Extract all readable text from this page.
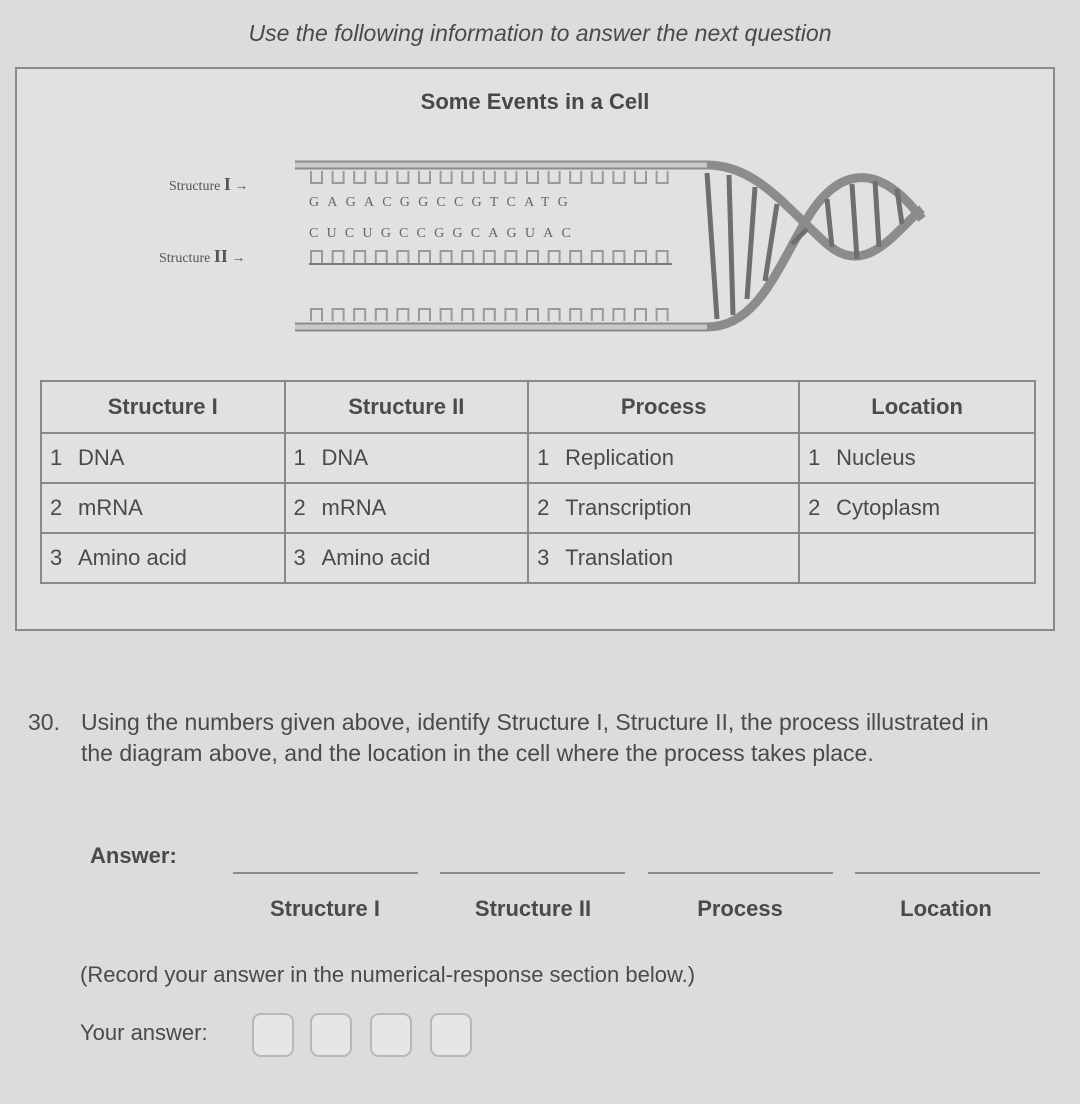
Use the following information to answer the next question
Some Events in a Cell
Structure I →
Structure II →
GAGACGGCCGTCATG
CUCUGCCGGCAGUAC
Structure I	Structure II	Process	Location
1 DNA	1 DNA	1 Replication	1 Nucleus
2 mRNA	2 mRNA	2 Transcription	2 Cytoplasm
3 Amino acid	3 Amino acid	3 Translation	
30. Using the numbers given above, identify Structure I, Structure II, the process illustrated in the diagram above, and the location in the cell where the process takes place.
Answer:
Structure I	Structure II	Process	Location
(Record your answer in the numerical-response section below.)
Your answer:
